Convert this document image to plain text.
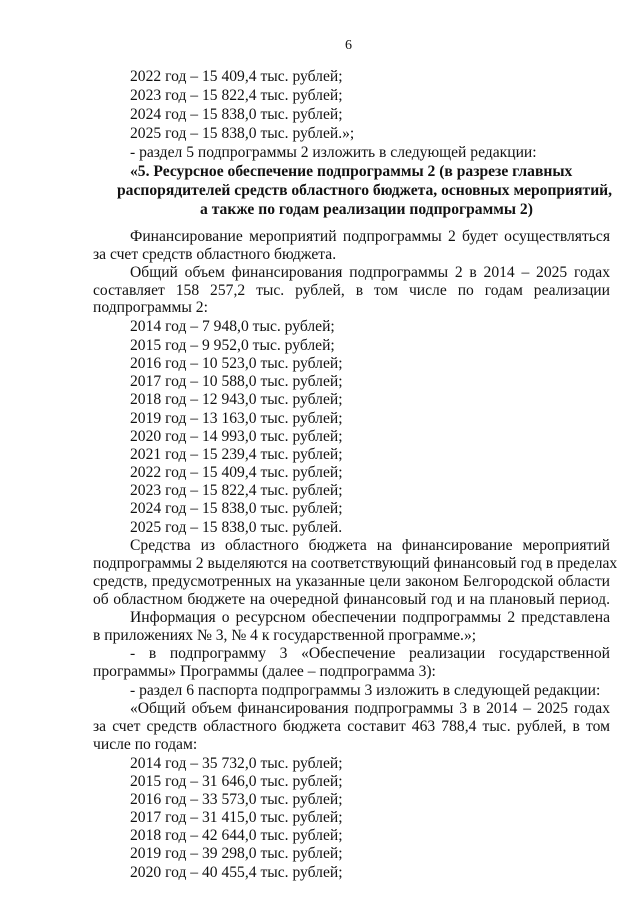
6
2022 год – 15 409,4 тыс. рублей;
2023 год – 15 822,4 тыс. рублей;
2024 год – 15 838,0 тыс. рублей;
2025 год – 15 838,0 тыс. рублей.»;
- раздел 5 подпрограммы 2 изложить в следующей редакции:
«5. Ресурсное обеспечение подпрограммы 2 (в разрезе главных
распорядителей средств областного бюджета, основных мероприятий,
а также по годам реализации подпрограммы 2)
Финансирование мероприятий подпрограммы 2 будет осуществляться
за счет средств областного бюджета.
Общий объем финансирования подпрограммы 2 в 2014 – 2025 годах
составляет 158 257,2 тыс. рублей, в том числе по годам реализации
подпрограммы 2:
2014 год – 7 948,0 тыс. рублей;
2015 год – 9 952,0 тыс. рублей;
2016 год – 10 523,0 тыс. рублей;
2017 год – 10 588,0 тыс. рублей;
2018 год – 12 943,0 тыс. рублей;
2019 год – 13 163,0 тыс. рублей;
2020 год – 14 993,0 тыс. рублей;
2021 год – 15 239,4 тыс. рублей;
2022 год – 15 409,4 тыс. рублей;
2023 год – 15 822,4 тыс. рублей;
2024 год – 15 838,0 тыс. рублей;
2025 год – 15 838,0 тыс. рублей.
Средства из областного бюджета на финансирование мероприятий
подпрограммы 2 выделяются на соответствующий финансовый год в пределах
средств, предусмотренных на указанные цели законом Белгородской области
об областном бюджете на очередной финансовый год и на плановый период.
Информация о ресурсном обеспечении подпрограммы 2 представлена
в приложениях № 3, № 4 к государственной программе.»;
- в подпрограмму 3 «Обеспечение реализации государственной
программы» Программы (далее – подпрограмма 3):
- раздел 6 паспорта подпрограммы 3 изложить в следующей редакции:
«Общий объем финансирования подпрограммы 3 в 2014 – 2025 годах
за счет средств областного бюджета составит 463 788,4 тыс. рублей, в том
числе по годам:
2014 год – 35 732,0 тыс. рублей;
2015 год – 31 646,0 тыс. рублей;
2016 год – 33 573,0 тыс. рублей;
2017 год – 31 415,0 тыс. рублей;
2018 год – 42 644,0 тыс. рублей;
2019 год – 39 298,0 тыс. рублей;
2020 год – 40 455,4 тыс. рублей;
